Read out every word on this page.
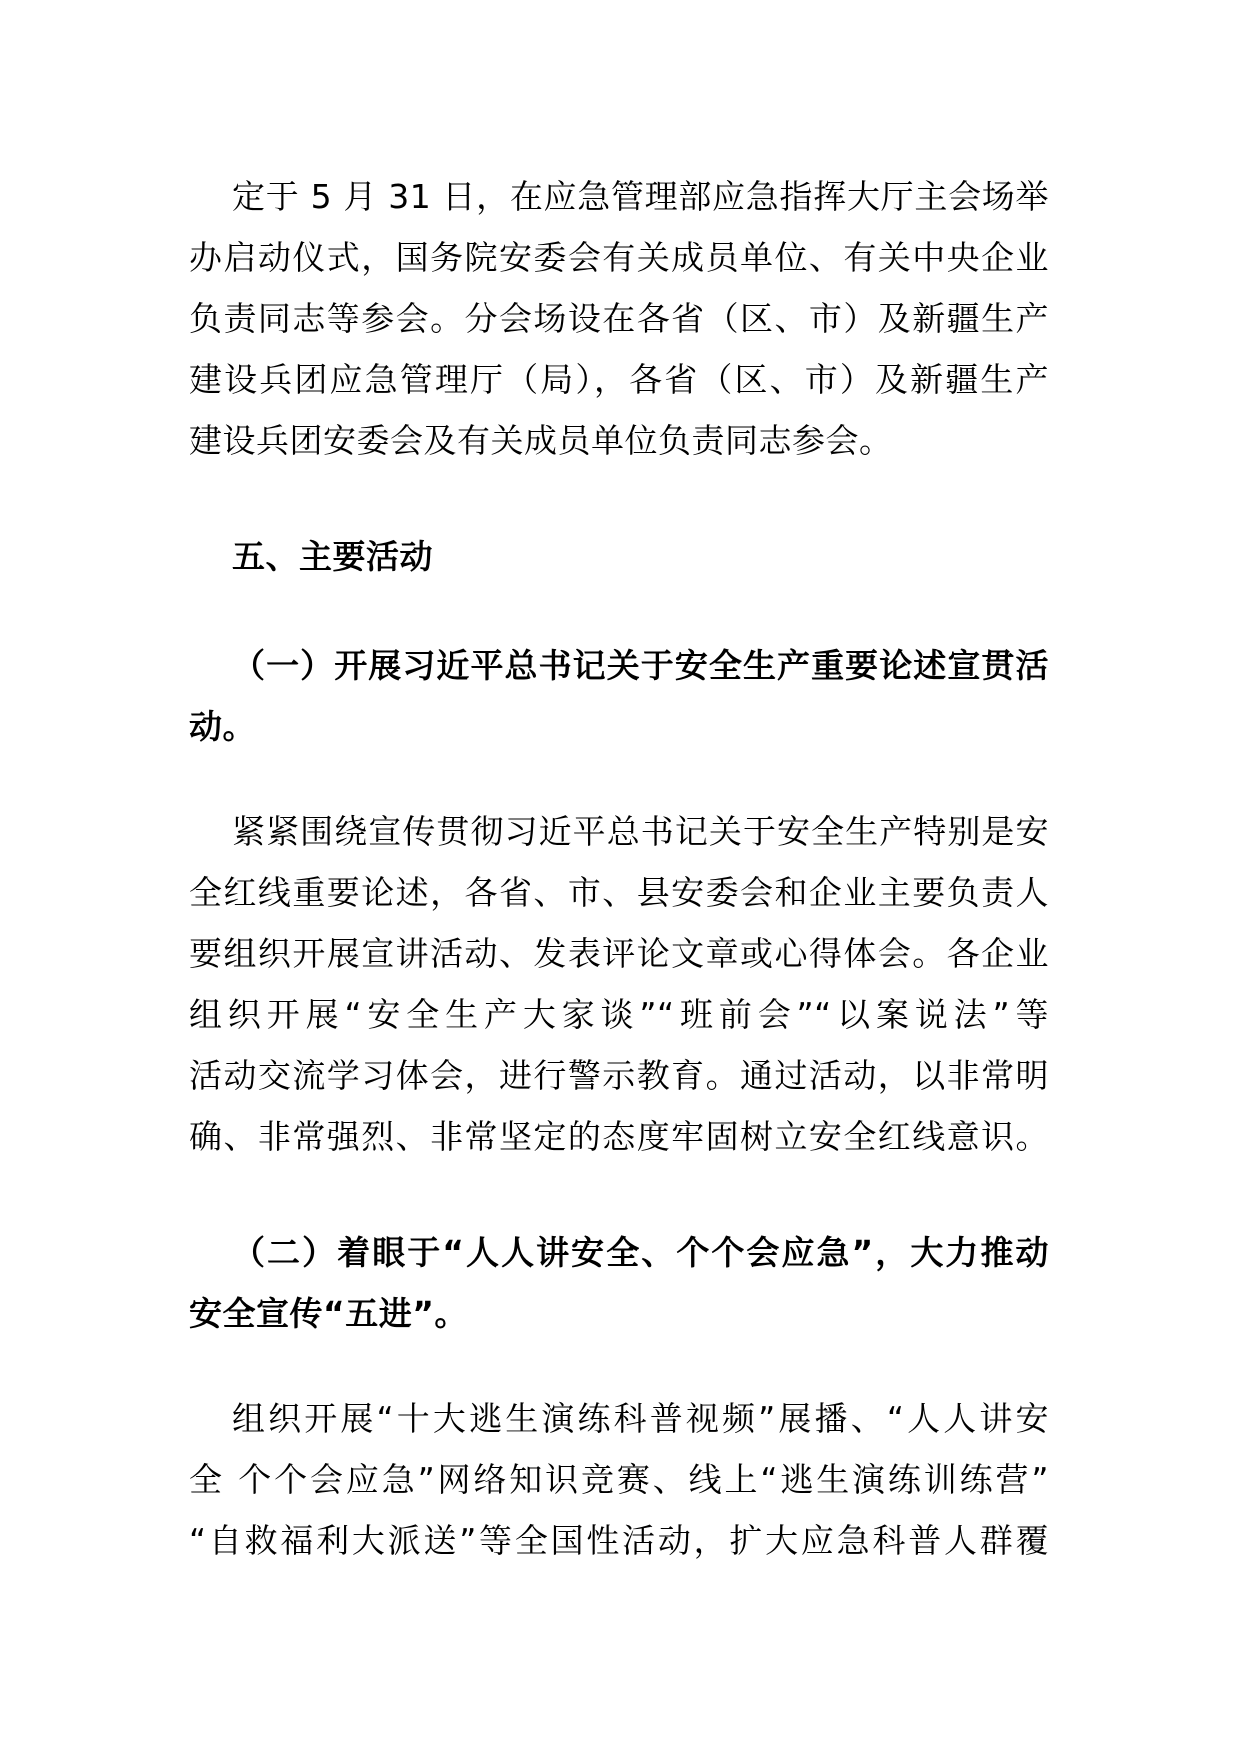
定于 5 月 31 日，在应急管理部应急指挥大厅主会场举
办启动仪式，国务院安委会有关成员单位、有关中央企业
负责同志等参会。分会场设在各省（区、市）及新疆生产
建设兵团应急管理厅（局），各省（区、市）及新疆生产
建设兵团安委会及有关成员单位负责同志参会。
五、主要活动
（一）开展习近平总书记关于安全生产重要论述宣贯活
动。
紧紧围绕宣传贯彻习近平总书记关于安全生产特别是安
全红线重要论述，各省、市、县安委会和企业主要负责人
要组织开展宣讲活动、发表评论文章或心得体会。各企业
组织开展“安全生产大家谈”“班前会”“以案说法”等
活动交流学习体会，进行警示教育。通过活动，以非常明
确、非常强烈、非常坚定的态度牢固树立安全红线意识。
（二）着眼于“人人讲安全、个个会应急”，大力推动
安全宣传“五进”。
组织开展“十大逃生演练科普视频”展播、“人人讲安
全 个个会应急”网络知识竞赛、线上“逃生演练训练营”
“自救福利大派送”等全国性活动，扩大应急科普人群覆
